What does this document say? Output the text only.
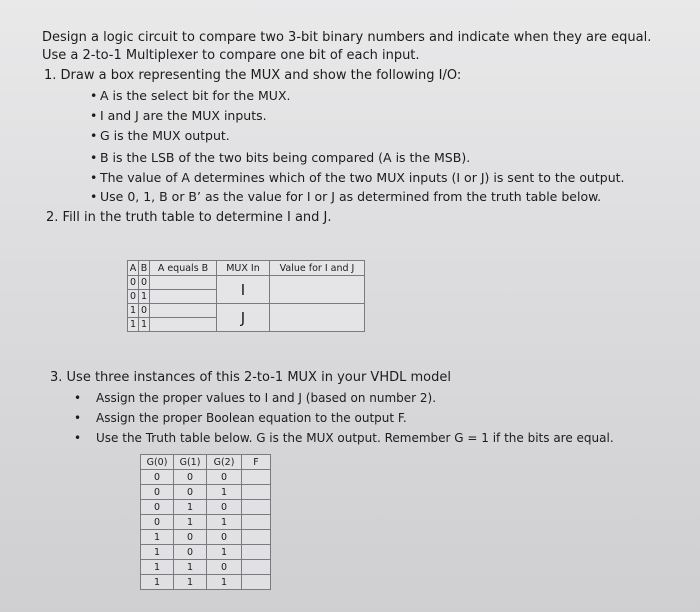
Design a logic circuit to compare two 3-bit binary numbers and indicate when they are equal.
Use a 2-to-1 Multiplexer to compare one bit of each input.
1. Draw a box representing the MUX and show the following I/O:
• A is the select bit for the MUX.
• I and J are the MUX inputs.
• G is the MUX output.
• B is the LSB of the two bits being compared (A is the MSB).
• The value of A determines which of the two MUX inputs (I or J) is sent to the output.
• Use 0, 1, B or B’ as the value for I or J as determined from the truth table below.
2. Fill in the truth table to determine I and J.
A	B	A equals B	MUX In	Value for I and J
0	0		I	
0	1			
1	0		J	
1	1			
3. Use three instances of this 2-to-1 MUX in your VHDL model
• Assign the proper values to I and J (based on number 2).
• Assign the proper Boolean equation to the output F.
• Use the Truth table below. G is the MUX output. Remember G = 1 if the bits are equal.
G(0)	G(1)	G(2)	F
0	0	0	
0	0	1	
0	1	0	
0	1	1	
1	0	0	
1	0	1	
1	1	0	
1	1	1	
